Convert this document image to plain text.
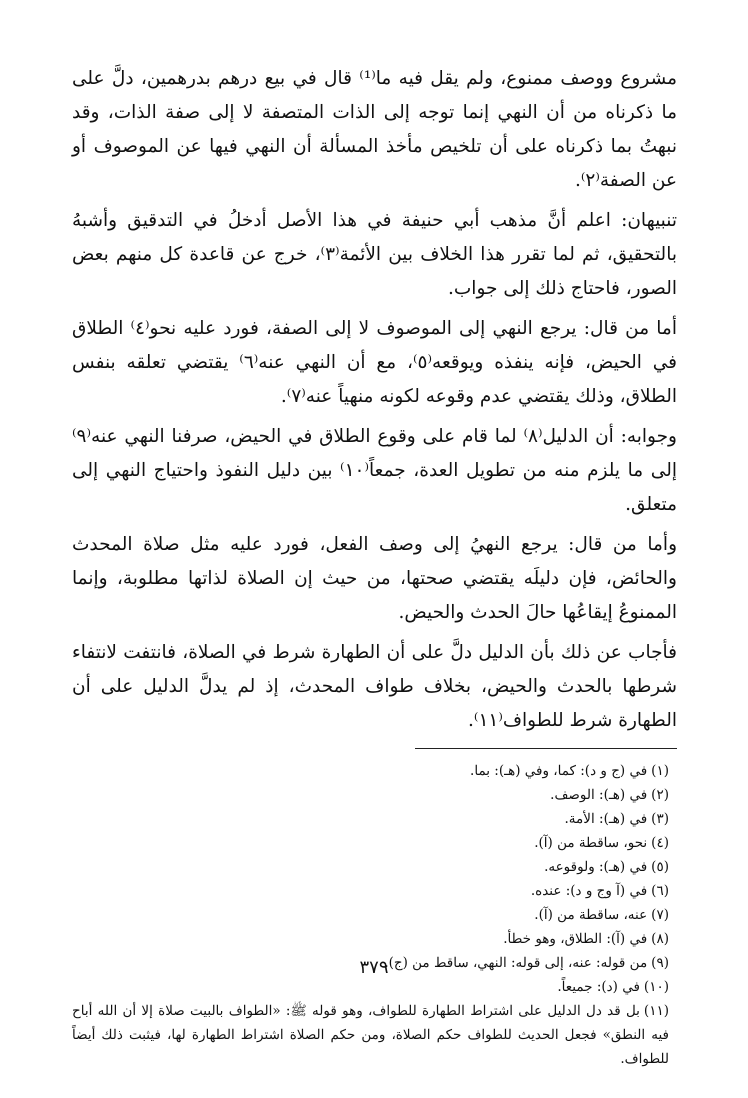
مشروع ووصف ممنوع، ولم يقل فيه ما⁽¹⁾ قال في بيع درهم بدرهمين، دلَّ على ما ذكرناه من أن النهي إنما توجه إلى الذات المتصفة لا إلى صفة الذات، وقد نبهتُ بما ذكرناه على أن تلخيص مأخذ المسألة أن النهي فيها عن الموصوف أو عن الصفة⁽٢⁾.

تنبيهان: اعلم أنَّ مذهب أبي حنيفة في هذا الأصل أدخلُ في التدقيق وأشبهُ بالتحقيق، ثم لما تقرر هذا الخلاف بين الأئمة⁽٣⁾، خرج عن قاعدة كل منهم بعض الصور، فاحتاج ذلك إلى جواب.

أما من قال: يرجع النهي إلى الموصوف لا إلى الصفة، فورد عليه نحو⁽٤⁾ الطلاق في الحيض، فإنه ينفذه ويوقعه⁽٥⁾، مع أن النهي عنه⁽٦⁾ يقتضي تعلقه بنفس الطلاق، وذلك يقتضي عدم وقوعه لكونه منهياً عنه⁽٧⁾.

وجوابه: أن الدليل⁽٨⁾ لما قام على وقوع الطلاق في الحيض، صرفنا النهي عنه⁽٩⁾ إلى ما يلزم منه من تطويل العدة، جمعاً⁽١٠⁾ بين دليل النفوذ واحتياج النهي إلى متعلق.

وأما من قال: يرجع النهيُ إلى وصف الفعل، فورد عليه مثل صلاة المحدث والحائض، فإن دليلَه يقتضي صحتها، من حيث إن الصلاة لذاتها مطلوبة، وإنما الممنوعُ إيقاعُها حالَ الحدث والحيض.

فأجاب عن ذلك بأن الدليل دلَّ على أن الطهارة شرط في الصلاة، فانتفت لانتفاء شرطها بالحدث والحيض، بخلاف طواف المحدث، إذ لم يدلَّ الدليل على أن الطهارة شرط للطواف⁽١١⁾.

(١)في (ج و د): كما، وفي (هـ): بما.
(٢)في (هـ): الوصف.
(٣)في (هـ): الأمة.
(٤)نحو، ساقطة من (آ).
(٥)في (هـ): ولوقوعه.
(٦)في (آ وج و د): عنده.
(٧)عنه، ساقطة من (آ).
(٨)في (آ): الطلاق، وهو خطأ.
(٩)من قوله: عنه، إلى قوله: النهي، ساقط من (ج).
(١٠)في (د): جميعاً.
(١١)بل قد دل الدليل على اشتراط الطهارة للطواف، وهو قوله ﷺ: «الطواف بالبيت صلاة إلا أن الله أباح فيه النطق» فجعل الحديث للطواف حكم الصلاة، ومن حكم الصلاة اشتراط الطهارة لها، فيثبت ذلك أيضاً للطواف.
٣٧٩
